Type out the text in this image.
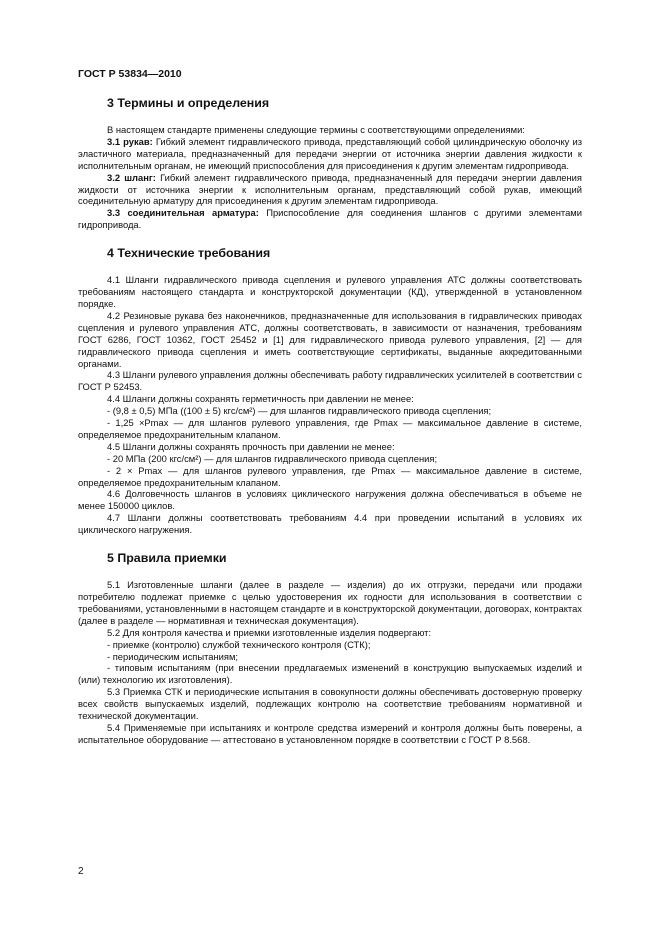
ГОСТ Р 53834—2010
3 Термины и определения

В настоящем стандарте применены следующие термины с соответствующими определениями:

3.1 рукав: Гибкий элемент гидравлического привода, представляющий собой цилиндрическую оболочку из эластичного материала, предназначенный для передачи энергии от источника энергии давления жидкости к исполнительным органам, не имеющий приспособления для присоединения к другим элементам гидропривода.

3.2 шланг: Гибкий элемент гидравлического привода, предназначенный для передачи энергии давления жидкости от источника энергии к исполнительным органам, представляющий собой рукав, имеющий соединительную арматуру для присоединения к другим элементам гидропривода.

3.3 соединительная арматура: Приспособление для соединения шлангов с другими элементами гидропривода.

4 Технические требования

4.1 Шланги гидравлического привода сцепления и рулевого управления АТС должны соответствовать требованиям настоящего стандарта и конструкторской документации (КД), утвержденной в установленном порядке.

4.2 Резиновые рукава без наконечников, предназначенные для использования в гидравлических приводах сцепления и рулевого управления АТС, должны соответствовать, в зависимости от назначения, требованиям ГОСТ 6286, ГОСТ 10362, ГОСТ 25452 и [1] для гидравлического привода рулевого управления, [2] — для гидравлического привода сцепления и иметь соответствующие сертификаты, выданные аккредитованными органами.

4.3 Шланги рулевого управления должны обеспечивать работу гидравлических усилителей в соответствии с ГОСТ Р 52453.

4.4 Шланги должны сохранять герметичность при давлении не менее:

- (9,8 ± 0,5) МПа ((100 ± 5) кгс/см²) — для шлангов гидравлического привода сцепления;

- 1,25 ×Pmax — для шлангов рулевого управления, где Pmax — максимальное давление в системе, определяемое предохранительным клапаном.

4.5 Шланги должны сохранять прочность при давлении не менее:

- 20 МПа (200 кгс/см²) — для шлангов гидравлического привода сцепления;

- 2 × Pmax — для шлангов рулевого управления, где Pmax — максимальное давление в системе, определяемое предохранительным клапаном.

4.6 Долговечность шлангов в условиях циклического нагружения должна обеспечиваться в объеме не менее 150000 циклов.

4.7 Шланги должны соответствовать требованиям 4.4 при проведении испытаний в условиях их циклического нагружения.

5 Правила приемки

5.1 Изготовленные шланги (далее в разделе — изделия) до их отгрузки, передачи или продажи потребителю подлежат приемке с целью удостоверения их годности для использования в соответствии с требованиями, установленными в настоящем стандарте и в конструкторской документации, договорах, контрактах (далее в разделе — нормативная и техническая документация).

5.2 Для контроля качества и приемки изготовленные изделия подвергают:

- приемке (контролю) службой технического контроля (СТК);

- периодическим испытаниям;

- типовым испытаниям (при внесении предлагаемых изменений в конструкцию выпускаемых изделий и (или) технологию их изготовления).

5.3 Приемка СТК и периодические испытания в совокупности должны обеспечивать достоверную проверку всех свойств выпускаемых изделий, подлежащих контролю на соответствие требованиям нормативной и технической документации.

5.4 Применяемые при испытаниях и контроле средства измерений и контроля должны быть поверены, а испытательное оборудование — аттестовано в установленном порядке в соответствии с ГОСТ Р 8.568.

2
